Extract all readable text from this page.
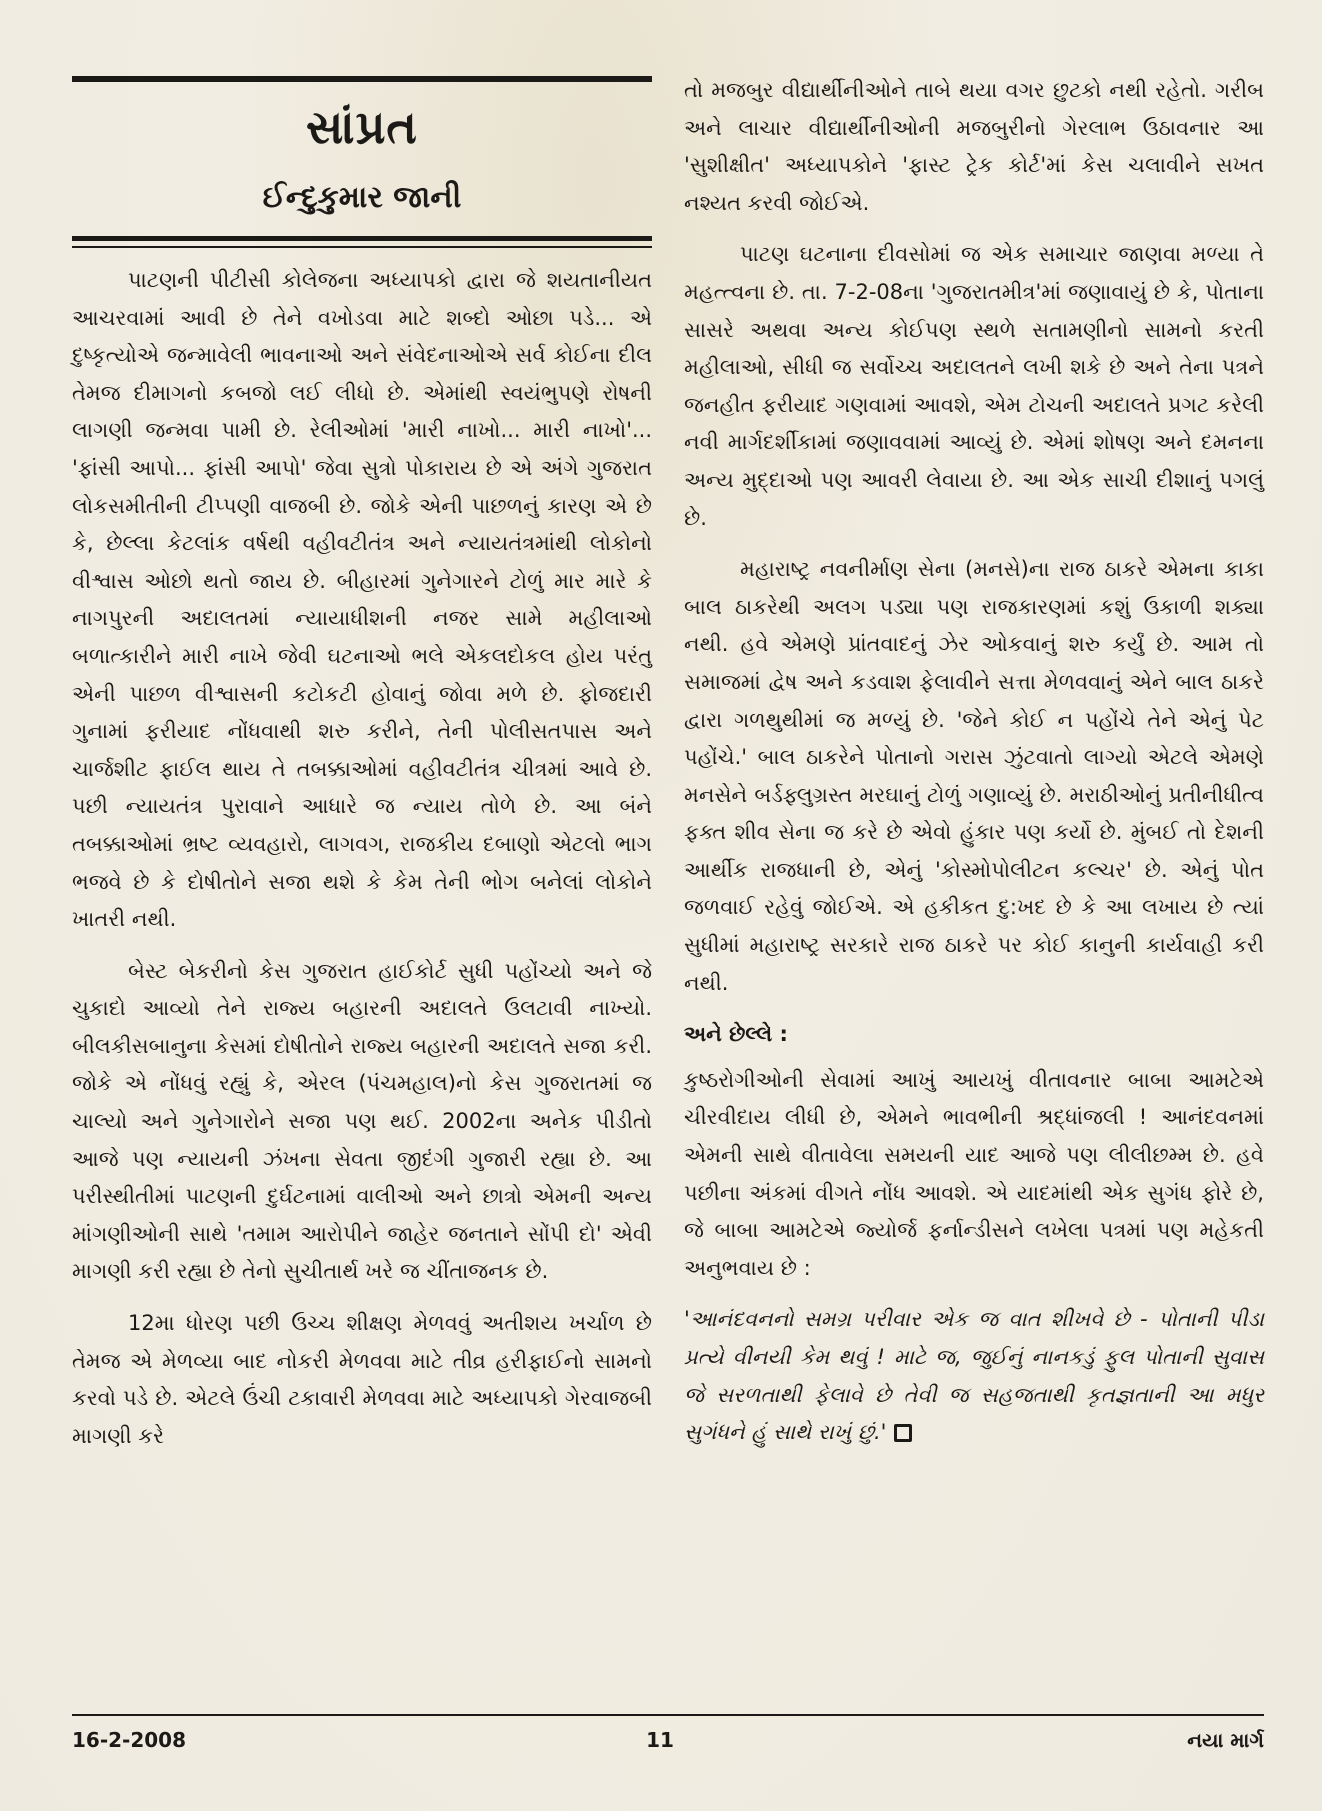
સાંપ્રત
ઈન્દુકુમાર જાની

પાટણની પીટીસી કોલેજના અધ્યાપકો દ્વારા જે શયતાનીયત આચરવામાં આવી છે તેને વખોડવા માટે શબ્દો ઓછા પડે... એ દુષ્કૃત્યોએ જન્માવેલી ભાવનાઓ અને સંવેદનાઓએ સર્વ કોઈના દીલ તેમજ દીમાગનો કબજો લઈ લીધો છે. એમાંથી સ્વયંભુપણે રોષની લાગણી જન્મવા પામી છે. રેલીઓમાં 'મારી નાખો... મારી નાખો'... 'ફાંસી આપો... ફાંસી આપો' જેવા સુત્રો પોકારાય છે એ અંગે ગુજરાત લોકસમીતીની ટીપ્પણી વાજબી છે. જોકે એની પાછળનું કારણ એ છે કે, છેલ્લા કેટલાંક વર્ષથી વહીવટીતંત્ર અને ન્યાયતંત્રમાંથી લોકોનો વીશ્વાસ ઓછો થતો જાય છે. બીહારમાં ગુનેગારને ટોળું માર મારે કે નાગપુરની અદાલતમાં ન્યાયાધીશની નજર સામે મહીલાઓ બળાત્કારીને મારી નાખે જેવી ઘટનાઓ ભલે એકલદોકલ હોય પરંતુ એની પાછળ વીશ્વાસની કટોકટી હોવાનું જોવા મળે છે. ફોજદારી ગુનામાં ફરીયાદ નોંધવાથી શરુ કરીને, તેની પોલીસતપાસ અને ચાર્જશીટ ફાઈલ થાય તે તબક્કાઓમાં વહીવટીતંત્ર ચીત્રમાં આવે છે. પછી ન્યાયતંત્ર પુરાવાને આધારે જ ન્યાય તોળે છે. આ બંને તબક્કાઓમાં ભ્રષ્ટ વ્યવહારો, લાગવગ, રાજકીય દબાણો એટલો ભાગ ભજવે છે કે દોષીતોને સજા થશે કે કેમ તેની ભોગ બનેલાં લોકોને ખાતરી નથી.

બેસ્ટ બેકરીનો કેસ ગુજરાત હાઈકોર્ટ સુધી પહોંચ્યો અને જે ચુકાદો આવ્યો તેને રાજ્ય બહારની અદાલતે ઉલટાવી નાખ્યો. બીલકીસબાનુના કેસમાં દોષીતોને રાજ્ય બહારની અદાલતે સજા કરી. જોકે એ નોંધવું રહ્યું કે, એરલ (પંચમહાલ)નો કેસ ગુજરાતમાં જ ચાલ્યો અને ગુનેગારોને સજા પણ થઈ. 2002ના અનેક પીડીતો આજે પણ ન્યાયની ઝંખના સેવતા જીદંગી ગુજારી રહ્યા છે. આ પરીસ્થીતીમાં પાટણની દુર્ઘટનામાં વાલીઓ અને છાત્રો એમની અન્ય માંગણીઓની સાથે 'તમામ આરોપીને જાહેર જનતાને સોંપી દો' એવી માગણી કરી રહ્યા છે તેનો સુચીતાર્થ ખરે જ ચીંતાજનક છે.

12મા ધોરણ પછી ઉચ્ચ શીક્ષણ મેળવવું અતીશય ખર્ચાળ છે તેમજ એ મેળવ્યા બાદ નોકરી મેળવવા માટે તીવ્ર હરીફાઈનો સામનો કરવો પડે છે. એટલે ઉંચી ટકાવારી મેળવવા માટે અધ્યાપકો ગેરવાજબી માગણી કરે

તો મજબુર વીદ્યાર્થીનીઓને તાબે થયા વગર છુટકો નથી રહેતો. ગરીબ અને લાચાર વીદ્યાર્થીનીઓની મજબુરીનો ગેરલાભ ઉઠાવનાર આ 'સુશીક્ષીત' અધ્યાપકોને 'ફાસ્ટ ટ્રેક કોર્ટ'માં કેસ ચલાવીને સખત નશ્યત કરવી જોઈએ.

પાટણ ઘટનાના દીવસોમાં જ એક સમાચાર જાણવા મળ્યા તે મહત્ત્વના છે. તા. 7-2-08ના 'ગુજરાતમીત્ર'માં જણાવાયું છે કે, પોતાના સાસરે અથવા અન્ય કોઈપણ સ્થળે સતામણીનો સામનો કરતી મહીલાઓ, સીધી જ સર્વોચ્ચ અદાલતને લખી શકે છે અને તેના પત્રને જનહીત ફરીયાદ ગણવામાં આવશે, એમ ટોચની અદાલતે પ્રગટ કરેલી નવી માર્ગદર્શીકામાં જણાવવામાં આવ્યું છે. એમાં શોષણ અને દમનના અન્ય મુદ્દાઓ પણ આવરી લેવાયા છે. આ એક સાચી દીશાનું પગલું છે.

મહારાષ્ટ્ર નવનીર્માણ સેના (મનસે)ના રાજ ઠાકરે એમના કાકા બાલ ઠાકરેથી અલગ પડ્યા પણ રાજકારણમાં કશું ઉકાળી શક્યા નથી. હવે એમણે પ્રાંતવાદનું ઝેર ઓકવાનું શરુ કર્યું છે. આમ તો સમાજમાં દ્વેષ અને કડવાશ ફેલાવીને સત્તા મેળવવાનું એને બાલ ઠાકરે દ્વારા ગળથુથીમાં જ મળ્યું છે. 'જેને કોઈ ન પહોંચે તેને એનું પેટ પહોંચે.' બાલ ઠાકરેને પોતાનો ગરાસ ઝુંટવાતો લાગ્યો એટલે એમણે મનસેને બર્ડફ્લુગ્રસ્ત મરઘાનું ટોળું ગણાવ્યું છે. મરાઠીઓનું પ્રતીનીધીત્વ ફક્ત શીવ સેના જ કરે છે એવો હુંકાર પણ કર્યો છે. મુંબઈ તો દેશની આર્થીક રાજધાની છે, એનું 'કોસ્મોપોલીટન કલ્ચર' છે. એનું પોત જળવાઈ રહેવું જોઈએ. એ હકીકત દુ:ખદ છે કે આ લખાય છે ત્યાં સુધીમાં મહારાષ્ટ્ર સરકારે રાજ ઠાકરે પર કોઈ કાનુની કાર્યવાહી કરી નથી.

અને છેલ્લે :

કુષ્ઠરોગીઓની સેવામાં આખું આયખું વીતાવનાર બાબા આમટેએ ચીરવીદાય લીધી છે, એમને ભાવભીની શ્રદ્ધાંજલી ! આનંદવનમાં એમની સાથે વીતાવેલા સમયની યાદ આજે પણ લીલીછમ્મ છે. હવે પછીના અંકમાં વીગતે નોંધ આવશે. એ યાદમાંથી એક સુગંધ ફોરે છે, જે બાબા આમટેએ જ્યોર્જ ફર્નાન્ડીસને લખેલા પત્રમાં પણ મહેકતી અનુભવાય છે :

'આનંદવનનો સમગ્ર પરીવાર એક જ વાત શીખવે છે - પોતાની પીડા પ્રત્યે વીનયી કેમ થવું ! માટે જ, જુઈનું નાનકડું ફુલ પોતાની સુવાસ જે સરળતાથી ફેલાવે છે તેવી જ સહજતાથી કૃતજ્ઞતાની આ મધુર સુગંધને હું સાથે રાખું છું.'

16-2-2008	11	નયા માર્ગ
